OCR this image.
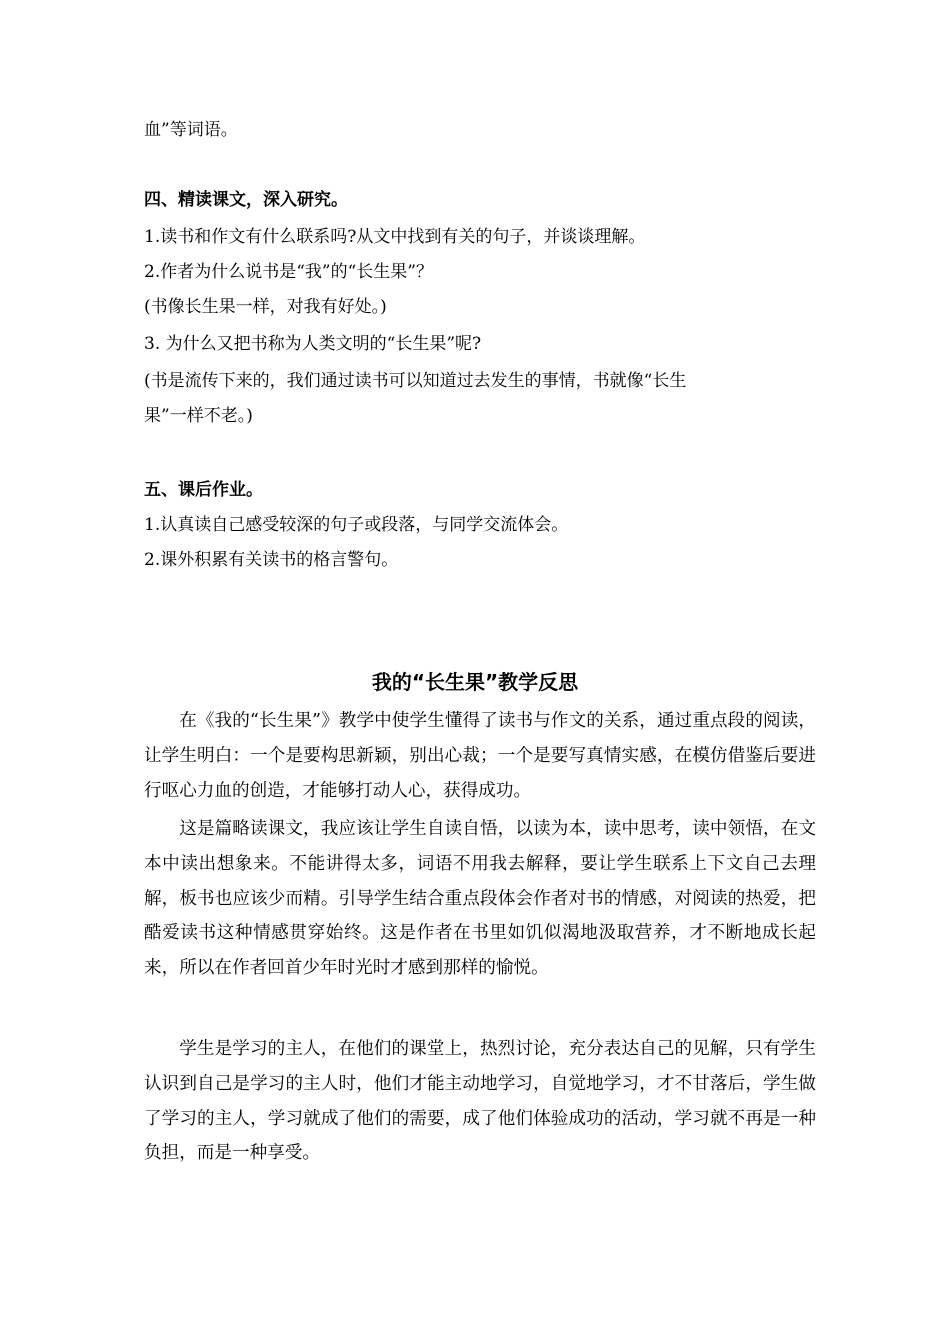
血”等词语。
四、精读课文，深入研究。
1.读书和作文有什么联系吗?从文中找到有关的句子，并谈谈理解。
2.作者为什么说书是“我”的“长生果”？
(书像长生果一样，对我有好处。)
3. 为什么又把书称为人类文明的“长生果”呢?
(书是流传下来的，我们通过读书可以知道过去发生的事情，书就像“长生
果”一样不老。)
五、课后作业。
1.认真读自己感受较深的句子或段落，与同学交流体会。
2.课外积累有关读书的格言警句。
我的“长生果”教学反思
在《我的“长生果”》教学中使学生懂得了读书与作文的关系，通过重点段的阅读，让学生明白：一个是要构思新颖，别出心裁；一个是要写真情实感，在模仿借鉴后要进行呕心力血的创造，才能够打动人心，获得成功。
这是篇略读课文，我应该让学生自读自悟，以读为本，读中思考，读中领悟，在文本中读出想象来。不能讲得太多，词语不用我去解释，要让学生联系上下文自己去理解，板书也应该少而精。引导学生结合重点段体会作者对书的情感，对阅读的热爱，把酷爱读书这种情感贯穿始终。这是作者在书里如饥似渴地汲取营养，才不断地成长起来，所以在作者回首少年时光时才感到那样的愉悦。
学生是学习的主人，在他们的课堂上，热烈讨论，充分表达自己的见解，只有学生认识到自己是学习的主人时，他们才能主动地学习，自觉地学习，才不甘落后，学生做了学习的主人，学习就成了他们的需要，成了他们体验成功的活动，学习就不再是一种负担，而是一种享受。
